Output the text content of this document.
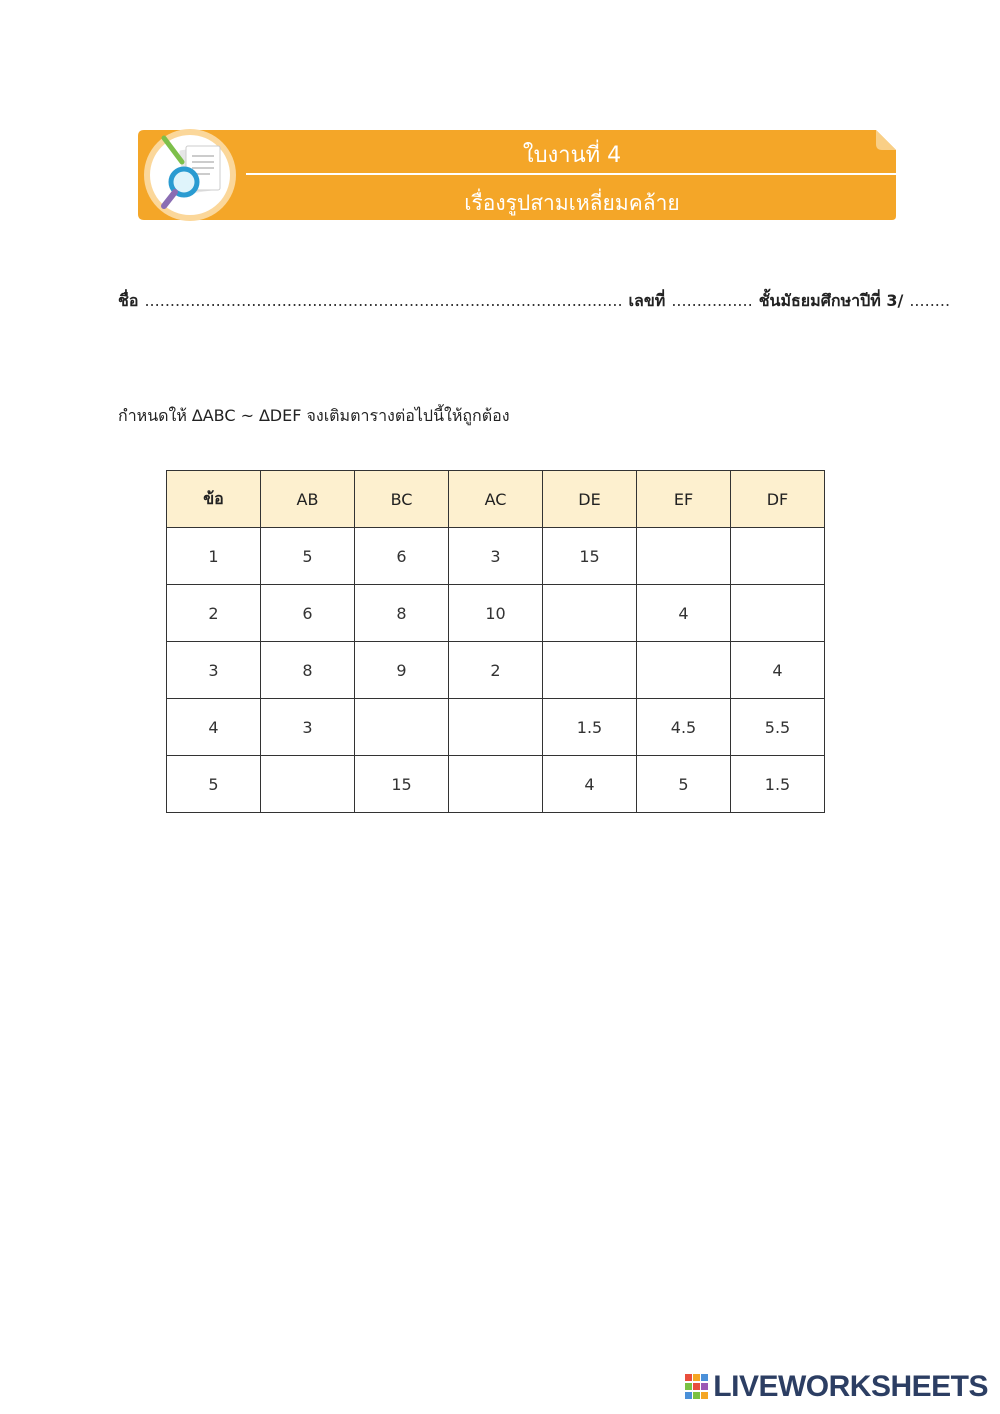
ใบงานที่ 4
เรื่องรูปสามเหลี่ยมคล้าย
ชื่อ .............................................................................................. เลขที่ ................ ชั้นมัธยมศึกษาปีที่ 3/ ........
กำหนดให้ ∆ABC ~ ∆DEF จงเติมตารางต่อไปนี้ให้ถูกต้อง
ข้อ	AB	BC	AC	DE	EF	DF
1	5	6	3	15		
2	6	8	10		4	
3	8	9	2			4
4	3			1.5	4.5	5.5
5		15		4	5	1.5
LIVEWORKSHEETS
